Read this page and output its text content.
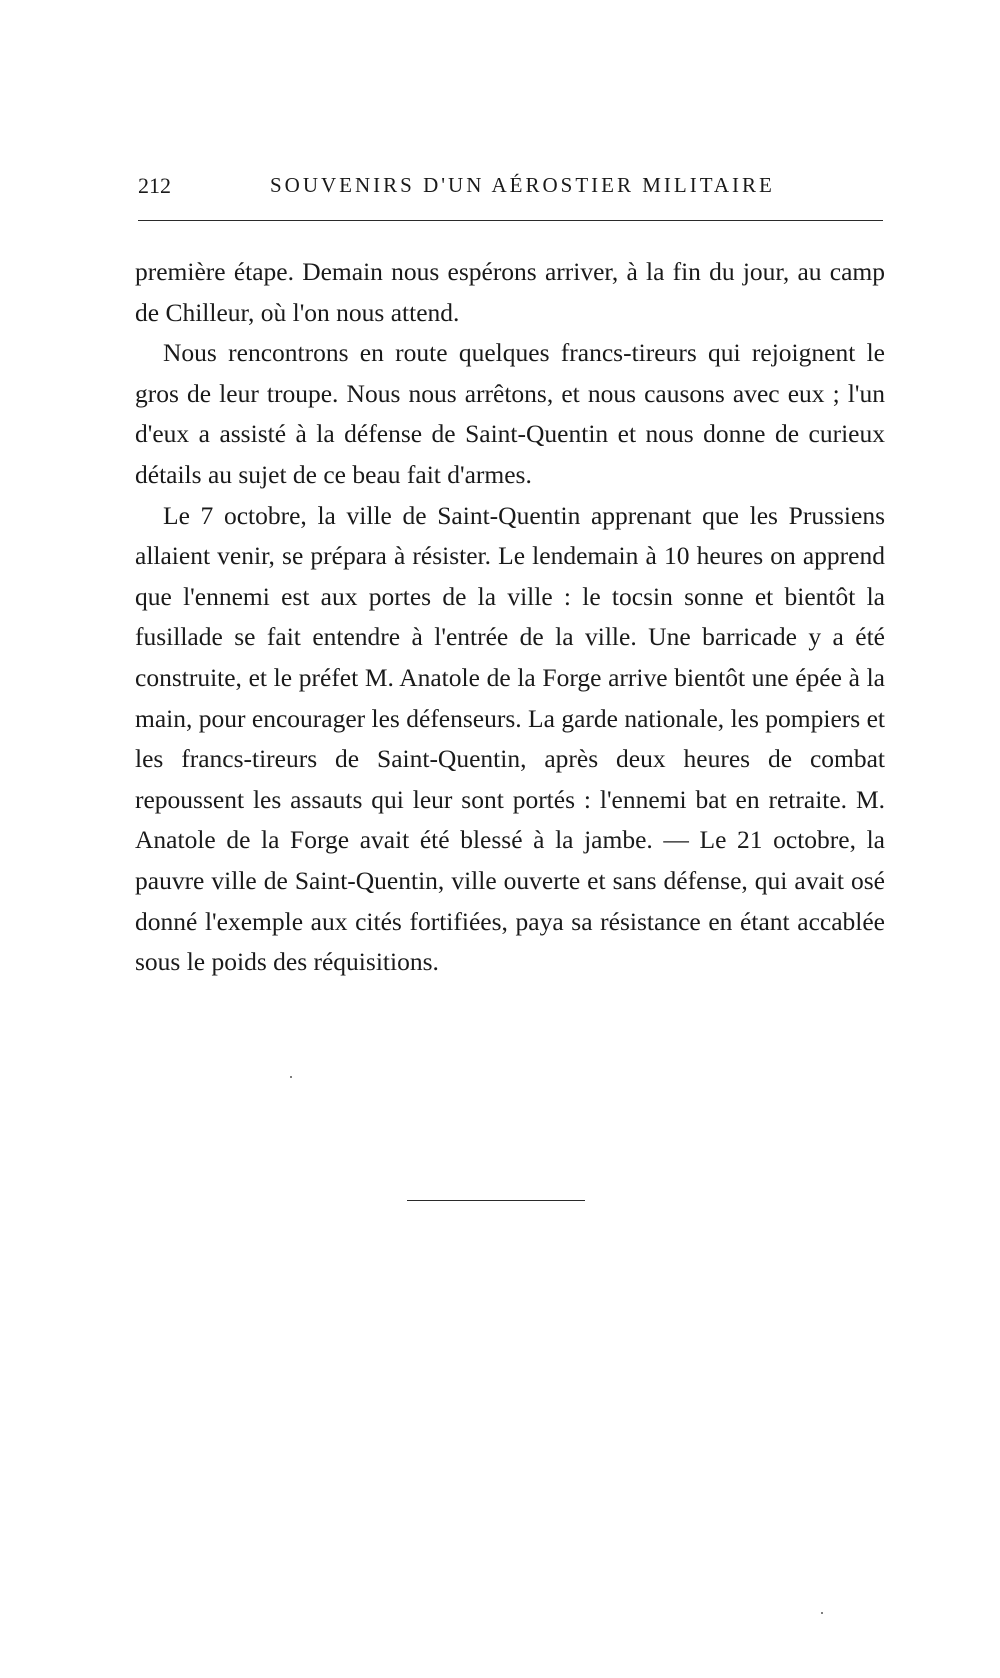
212	SOUVENIRS D'UN AÉROSTIER MILITAIRE

première étape. Demain nous espérons arriver, à la fin du jour, au camp de Chilleur, où l'on nous attend.

Nous rencontrons en route quelques francs-tireurs qui rejoignent le gros de leur troupe. Nous nous arrêtons, et nous causons avec eux ; l'un d'eux a assisté à la défense de Saint-Quentin et nous donne de curieux détails au sujet de ce beau fait d'armes.

Le 7 octobre, la ville de Saint-Quentin apprenant que les Prussiens allaient venir, se prépara à résister. Le lendemain à 10 heures on apprend que l'ennemi est aux portes de la ville : le tocsin sonne et bientôt la fusillade se fait entendre à l'entrée de la ville. Une barricade y a été construite, et le préfet M. Anatole de la Forge arrive bientôt une épée à la main, pour encourager les défenseurs. La garde nationale, les pompiers et les francs-tireurs de Saint-Quentin, après deux heures de combat repoussent les assauts qui leur sont portés : l'ennemi bat en retraite. M. Anatole de la Forge avait été blessé à la jambe. — Le 21 octobre, la pauvre ville de Saint-Quentin, ville ouverte et sans défense, qui avait osé donné l'exemple aux cités fortifiées, paya sa résistance en étant accablée sous le poids des réquisitions.
